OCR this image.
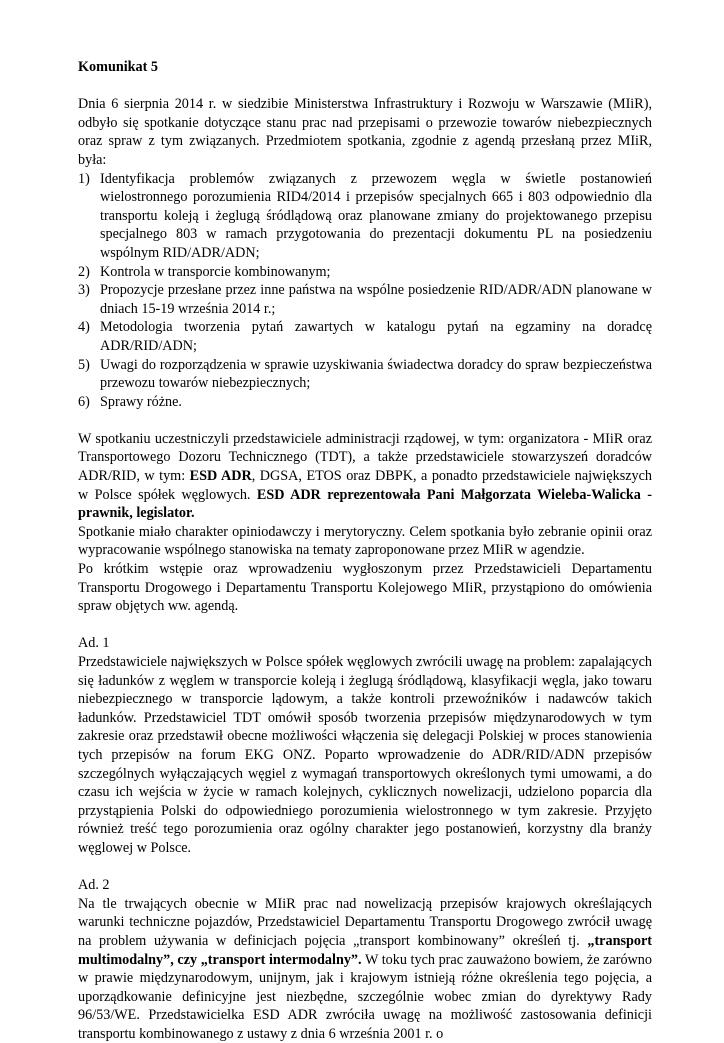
Komunikat 5

Dnia 6 sierpnia 2014 r. w siedzibie Ministerstwa Infrastruktury i Rozwoju w Warszawie (MIiR), odbyło się spotkanie dotyczące stanu prac nad przepisami o przewozie towarów niebezpiecznych oraz spraw z tym związanych. Przedmiotem spotkania, zgodnie z agendą przesłaną przez MIiR, była:

1) Identyfikacja problemów związanych z przewozem węgla w świetle postanowień wielostronnego porozumienia RID4/2014 i przepisów specjalnych 665 i 803 odpowiednio dla transportu koleją i żeglugą śródlądową oraz planowane zmiany do projektowanego przepisu specjalnego 803 w ramach przygotowania do prezentacji dokumentu PL na posiedzeniu wspólnym RID/ADR/ADN;
2) Kontrola w transporcie kombinowanym;
3) Propozycje przesłane przez inne państwa na wspólne posiedzenie RID/ADR/ADN planowane w dniach 15-19 września 2014 r.;
4) Metodologia tworzenia pytań zawartych w katalogu pytań na egzaminy na doradcę ADR/RID/ADN;
5) Uwagi do rozporządzenia w sprawie uzyskiwania świadectwa doradcy do spraw bezpieczeństwa przewozu towarów niebezpiecznych;
6) Sprawy różne.

W spotkaniu uczestniczyli przedstawiciele administracji rządowej, w tym: organizatora - MIiR oraz Transportowego Dozoru Technicznego (TDT), a także przedstawiciele stowarzyszeń doradców ADR/RID, w tym: ESD ADR, DGSA, ETOS oraz DBPK, a ponadto przedstawiciele największych w Polsce spółek węglowych. ESD ADR reprezentowała Pani Małgorzata Wieleba-Walicka - prawnik, legislator.

Spotkanie miało charakter opiniodawczy i merytoryczny. Celem spotkania było zebranie opinii oraz wypracowanie wspólnego stanowiska na tematy zaproponowane przez MIiR w agendzie.

Po krótkim wstępie oraz wprowadzeniu wygłoszonym przez Przedstawicieli Departamentu Transportu Drogowego i Departamentu Transportu Kolejowego MIiR, przystąpiono do omówienia spraw objętych ww. agendą.

Ad. 1

Przedstawiciele największych w Polsce spółek węglowych zwrócili uwagę na problem: zapalających się ładunków z węglem w transporcie koleją i żeglugą śródlądową, klasyfikacji węgla, jako towaru niebezpiecznego w transporcie lądowym, a także kontroli przewoźników i nadawców takich ładunków. Przedstawiciel TDT omówił sposób tworzenia przepisów międzynarodowych w tym zakresie oraz przedstawił obecne możliwości włączenia się delegacji Polskiej w proces stanowienia tych przepisów na forum EKG ONZ. Poparto wprowadzenie do ADR/RID/ADN przepisów szczególnych wyłączających węgiel z wymagań transportowych określonych tymi umowami, a do czasu ich wejścia w życie w ramach kolejnych, cyklicznych nowelizacji, udzielono poparcia dla przystąpienia Polski do odpowiedniego porozumienia wielostronnego w tym zakresie. Przyjęto również treść tego porozumienia oraz ogólny charakter jego postanowień, korzystny dla branży węglowej w Polsce.

Ad. 2

Na tle trwających obecnie w MIiR prac nad nowelizacją przepisów krajowych określających warunki techniczne pojazdów, Przedstawiciel Departamentu Transportu Drogowego zwrócił uwagę na problem używania w definicjach pojęcia „transport kombinowany” określeń tj. „transport multimodalny”, czy „transport intermodalny”. W toku tych prac zauważono bowiem, że zarówno w prawie międzynarodowym, unijnym, jak i krajowym istnieją różne określenia tego pojęcia, a uporządkowanie definicyjne jest niezbędne, szczególnie wobec zmian do dyrektywy Rady 96/53/WE. Przedstawicielka ESD ADR zwróciła uwagę na możliwość zastosowania definicji transportu kombinowanego z ustawy z dnia 6 września 2001 r. o
